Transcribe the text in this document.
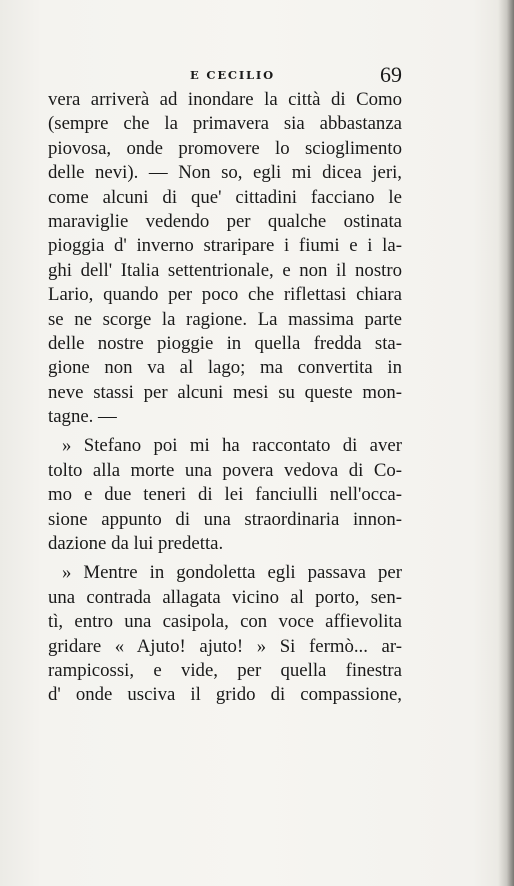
E CECILIO	69
vera arriverà ad inondare la città di Como
(sempre che la primavera sia abbastanza
piovosa, onde promovere lo scioglimento
delle nevi). — Non so, egli mi dicea jeri,
come alcuni di que' cittadini facciano le
maraviglie vedendo per qualche ostinata
pioggia d' inverno straripare i fiumi e i la-
ghi dell' Italia settentrionale, e non il nostro
Lario, quando per poco che riflettasi chiara
se ne scorge la ragione. La massima parte
delle nostre pioggie in quella fredda sta-
gione non va al lago; ma convertita in
neve stassi per alcuni mesi su queste mon-
tagne. —
» Stefano poi mi ha raccontato di aver
tolto alla morte una povera vedova di Co-
mo e due teneri di lei fanciulli nell'occa-
sione appunto di una straordinaria innon-
dazione da lui predetta.
» Mentre in gondoletta egli passava per
una contrada allagata vicino al porto, sen-
tì, entro una casipola, con voce affievolita
gridare « Ajuto! ajuto! » Si fermò... ar-
rampicossi, e vide, per quella finestra
d' onde usciva il grido di compassione,
